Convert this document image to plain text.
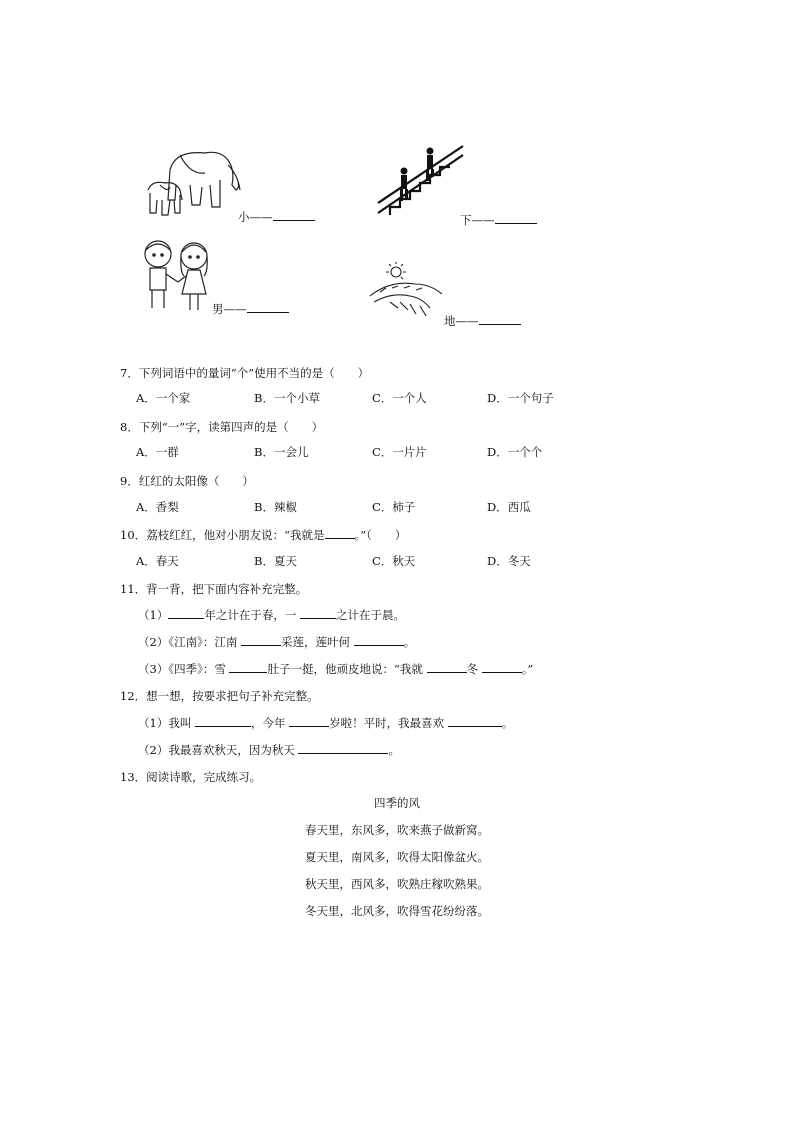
小——	下——
男——
地——
7．下列词语中的量词“个”使用不当的是（　　）
A．一个家	B．一个小草	C．一个人	D．一个句子
8．下列“一”字，读第四声的是（　　）
A．一群	B．一会儿	C．一片片	D．一个个
9．红红的太阳像（　　）
A．香梨	B．辣椒	C．柿子	D．西瓜
10．荔枝红红，他对小朋友说：“我就是	。”（　　）
A．春天	B．夏天	C．秋天	D．冬天
11．背一背，把下面内容补充完整。
（1）	年之计在于春，一	之计在于晨。
（2）《江南》：江南	采莲，莲叶何	。
（3）《四季》：雪	肚子一挺，他顽皮地说：“我就	冬	。”
12．想一想，按要求把句子补充完整。
（1）我叫	，今年	岁啦！平时，我最喜欢	。
（2）我最喜欢秋天，因为秋天	。
13．阅读诗歌，完成练习。
四季的风
春天里，东风多，吹来燕子做新窝。
夏天里，南风多，吹得太阳像盆火。
秋天里，西风多，吹熟庄稼吹熟果。
冬天里，北风多，吹得雪花纷纷落。
